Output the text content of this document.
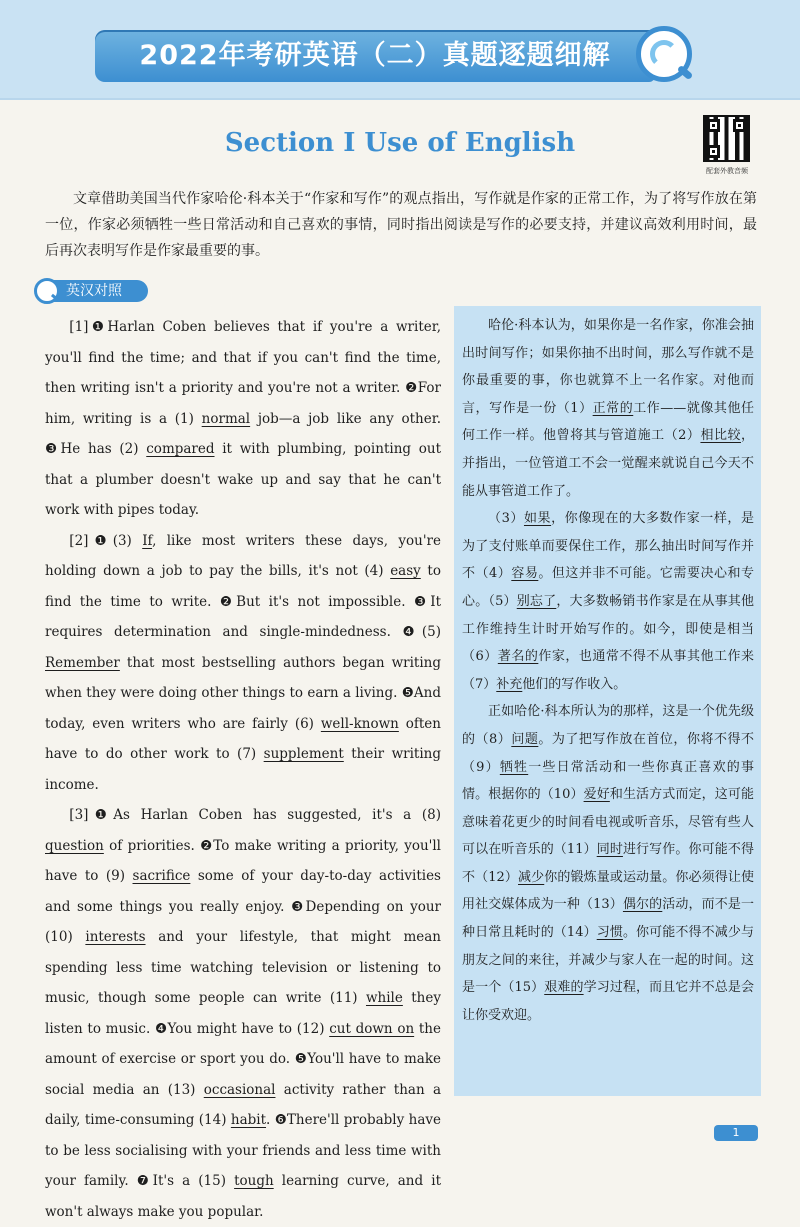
2022年考研英语（二）真题逐题细解
Section Ⅰ Use of English
配套外教音频

文章借助美国当代作家哈伦·科本关于“作家和写作”的观点指出，写作就是作家的正常工作，为了将写作放在第一位，作家必须牺牲一些日常活动和自己喜欢的事情，同时指出阅读是写作的必要支持，并建议高效利用时间，最后再次表明写作是作家最重要的事。

英汉对照

[1]❶Harlan Coben believes that if you're a writer, you'll find the time; and that if you can't find the time, then writing isn't a priority and you're not a writer. ❷For him, writing is a (1) normal job—a job like any other. ❸He has (2) compared it with plumbing, pointing out that a plumber doesn't wake up and say that he can't work with pipes today.

[2]❶(3) If, like most writers these days, you're holding down a job to pay the bills, it's not (4) easy to find the time to write. ❷But it's not impossible. ❸It requires determination and single-mindedness. ❹(5) Remember that most bestselling authors began writing when they were doing other things to earn a living. ❺And today, even writers who are fairly (6) well-known often have to do other work to (7) supplement their writing income.

[3]❶As Harlan Coben has suggested, it's a (8) question of priorities. ❷To make writing a priority, you'll have to (9) sacrifice some of your day-to-day activities and some things you really enjoy. ❸Depending on your (10) interests and your lifestyle, that might mean spending less time watching television or listening to music, though some people can write (11) while they listen to music. ❹You might have to (12) cut down on the amount of exercise or sport you do. ❺You'll have to make social media an (13) occasional activity rather than a daily, time-consuming (14) habit. ❻There'll probably have to be less socialising with your friends and less time with your family. ❼It's a (15) tough learning curve, and it won't always make you popular.

哈伦·科本认为，如果你是一名作家，你准会抽出时间写作；如果你抽不出时间，那么写作就不是你最重要的事，你也就算不上一名作家。对他而言，写作是一份（1）正常的工作——就像其他任何工作一样。他曾将其与管道施工（2）相比较，并指出，一位管道工不会一觉醒来就说自己今天不能从事管道工作了。

（3）如果，你像现在的大多数作家一样，是为了支付账单而要保住工作，那么抽出时间写作并不（4）容易。但这并非不可能。它需要决心和专心。（5）别忘了，大多数畅销书作家是在从事其他工作维持生计时开始写作的。如今，即使是相当（6）著名的作家，也通常不得不从事其他工作来（7）补充他们的写作收入。

正如哈伦·科本所认为的那样，这是一个优先级的（8）问题。为了把写作放在首位，你将不得不（9）牺牲一些日常活动和一些你真正喜欢的事情。根据你的（10）爱好和生活方式而定，这可能意味着花更少的时间看电视或听音乐，尽管有些人可以在听音乐的（11）同时进行写作。你可能不得不（12）减少你的锻炼量或运动量。你必须得让使用社交媒体成为一种（13）偶尔的活动，而不是一种日常且耗时的（14）习惯。你可能不得不减少与朋友之间的来往，并减少与家人在一起的时间。这是一个（15）艰难的学习过程，而且它并不总是会让你受欢迎。

1
